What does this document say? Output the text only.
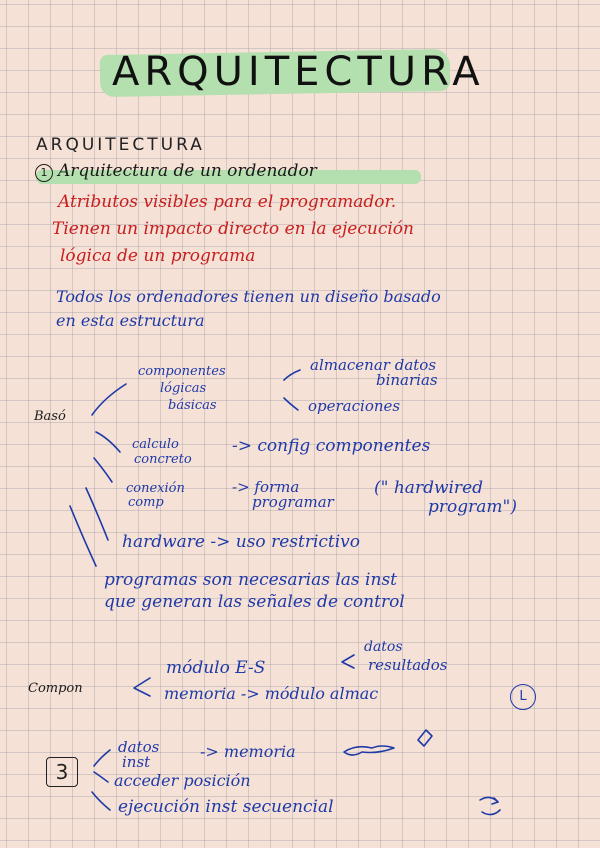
ARQUITECTURA
ARQUITECTURA
1 Arquitectura de un ordenador
Atributos visibles para el programador.
Tienen un impacto directo en la ejecución
lógica de un programa
Todos los ordenadores tienen un diseño basado
en esta estructura
Basó
componentes
lógicas
básicas
almacenar datos
binarias
operaciones
calculo
concreto
-> config componentes
conexión
comp
-> forma
programar
(" hardwired
program")
hardware -> uso restrictivo
programas son necesarias las inst
que generan las señales de control
Compon
módulo E-S
datos
resultados
memoria -> módulo almac	L
3
datos
inst
-> memoria
acceder posición
ejecución inst secuencial
